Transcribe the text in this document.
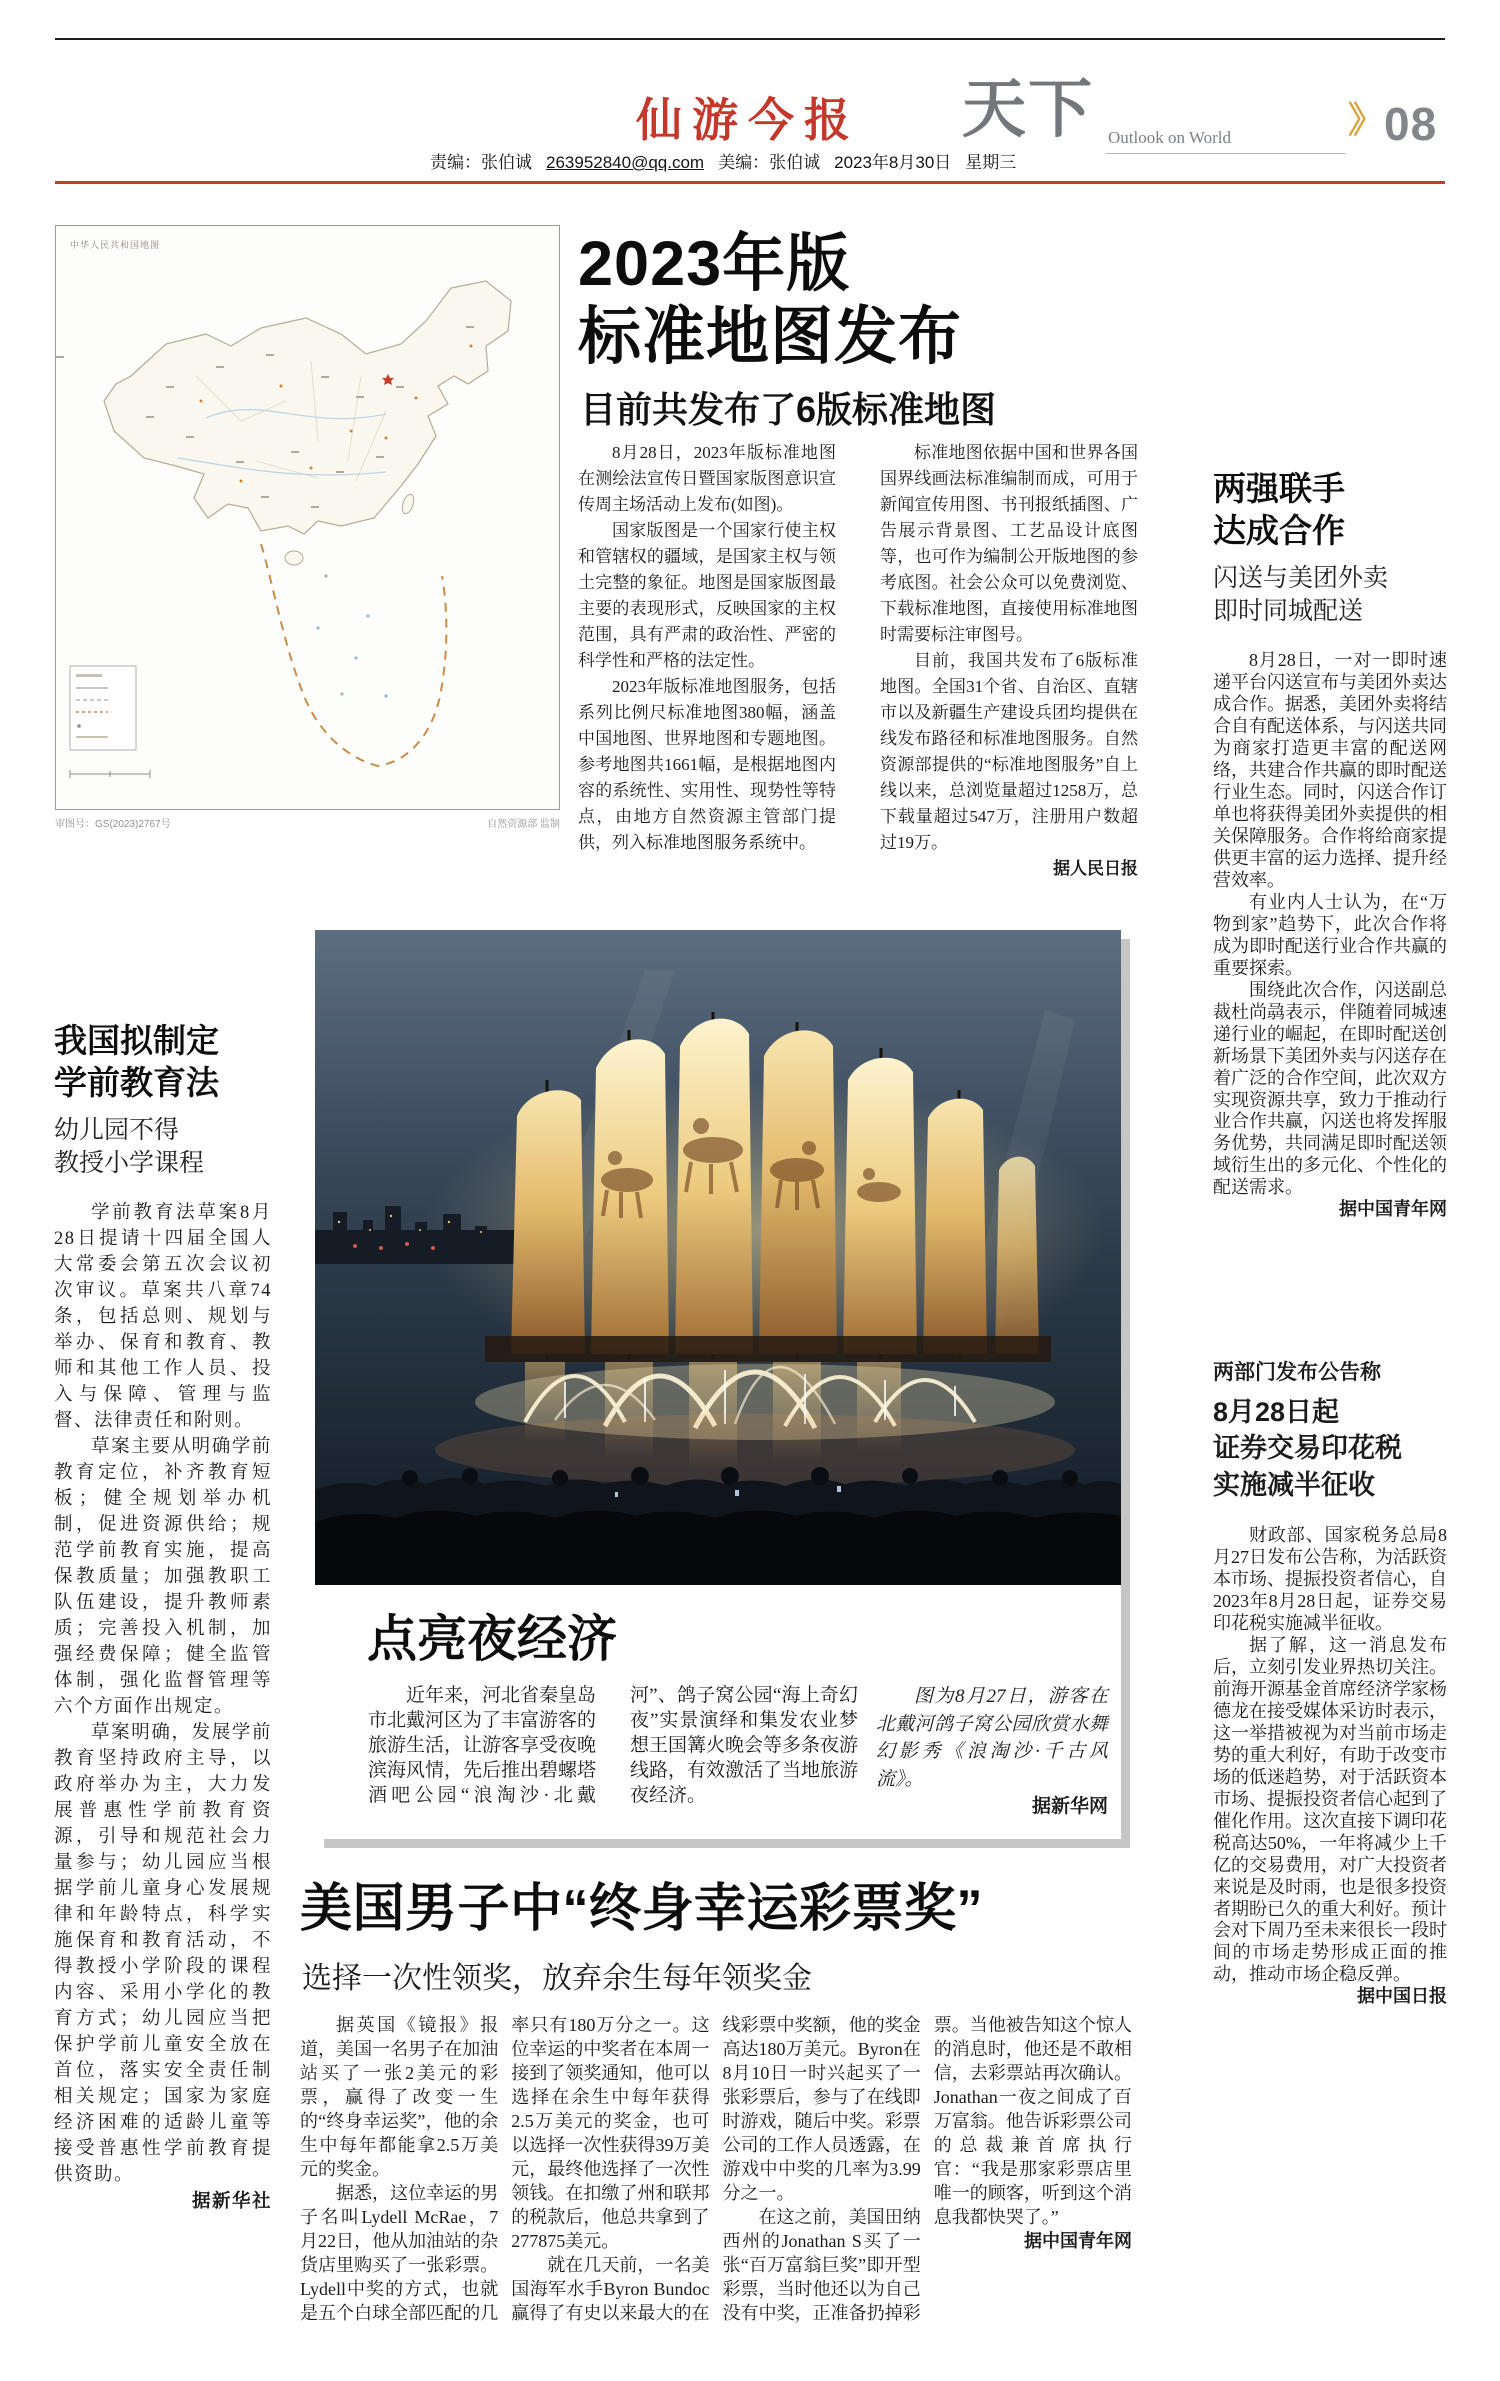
仙游今报 天下 Outlook on World	》08
责编：张伯诚 263952840@qq.com 美编：张伯诚 2023年8月30日 星期三
中华人民共和国地图
审图号：GS(2023)2767号	自然资源部 监制
2023年版
标准地图发布
目前共发布了6版标准地图

8月28日，2023年版标准地图在测绘法宣传日暨国家版图意识宣传周主场活动上发布(如图)。

国家版图是一个国家行使主权和管辖权的疆域，是国家主权与领土完整的象征。地图是国家版图最主要的表现形式，反映国家的主权范围，具有严肃的政治性、严密的科学性和严格的法定性。

2023年版标准地图服务，包括系列比例尺标准地图380幅，涵盖中国地图、世界地图和专题地图。参考地图共1661幅，是根据地图内容的系统性、实用性、现势性等特点，由地方自然资源主管部门提供，列入标准地图服务系统中。

标准地图依据中国和世界各国国界线画法标准编制而成，可用于新闻宣传用图、书刊报纸插图、广告展示背景图、工艺品设计底图等，也可作为编制公开版地图的参考底图。社会公众可以免费浏览、下载标准地图，直接使用标准地图时需要标注审图号。

目前，我国共发布了6版标准地图。全国31个省、自治区、直辖市以及新疆生产建设兵团均提供在线发布路径和标准地图服务。自然资源部提供的“标准地图服务”自上线以来，总浏览量超过1258万，总下载量超过547万，注册用户数超过19万。

据人民日报

两强联手
达成合作
闪送与美团外卖
即时同城配送

8月28日，一对一即时速递平台闪送宣布与美团外卖达成合作。据悉，美团外卖将结合自有配送体系，与闪送共同为商家打造更丰富的配送网络，共建合作共赢的即时配送行业生态。同时，闪送合作订单也将获得美团外卖提供的相关保障服务。合作将给商家提供更丰富的运力选择、提升经营效率。

有业内人士认为，在“万物到家”趋势下，此次合作将成为即时配送行业合作共赢的重要探索。

围绕此次合作，闪送副总裁杜尚骉表示，伴随着同城速递行业的崛起，在即时配送创新场景下美团外卖与闪送存在着广泛的合作空间，此次双方实现资源共享，致力于推动行业合作共赢，闪送也将发挥服务优势，共同满足即时配送领域衍生出的多元化、个性化的配送需求。

据中国青年网

我国拟制定
学前教育法
幼儿园不得
教授小学课程

学前教育法草案8月28日提请十四届全国人大常委会第五次会议初次审议。草案共八章74条，包括总则、规划与举办、保育和教育、教师和其他工作人员、投入与保障、管理与监督、法律责任和附则。

草案主要从明确学前教育定位，补齐教育短板；健全规划举办机制，促进资源供给；规范学前教育实施，提高保教质量；加强教职工队伍建设，提升教师素质；完善投入机制，加强经费保障；健全监管体制，强化监督管理等六个方面作出规定。

草案明确，发展学前教育坚持政府主导，以政府举办为主，大力发展普惠性学前教育资源，引导和规范社会力量参与；幼儿园应当根据学前儿童身心发展规律和年龄特点，科学实施保育和教育活动，不得教授小学阶段的课程内容、采用小学化的教育方式；幼儿园应当把保护学前儿童安全放在首位，落实安全责任制相关规定；国家为家庭经济困难的适龄儿童等接受普惠性学前教育提供资助。

据新华社

点亮夜经济

近年来，河北省秦皇岛市北戴河区为了丰富游客的旅游生活，让游客享受夜晚滨海风情，先后推出碧螺塔酒吧公园“浪淘沙·北戴河”、鸽子窝公园“海上奇幻夜”实景演绎和集发农业梦想王国篝火晚会等多条夜游线路，有效激活了当地旅游夜经济。

图为8月27日，游客在北戴河鸽子窝公园欣赏水舞幻影秀《浪淘沙·千古风流》。

据新华网

美国男子中“终身幸运彩票奖”
选择一次性领奖，放弃余生每年领奖金

据英国《镜报》报道，美国一名男子在加油站买了一张2美元的彩票，赢得了改变一生的“终身幸运奖”，他的余生中每年都能拿2.5万美元的奖金。

据悉，这位幸运的男子名叫Lydell McRae，7月22日，他从加油站的杂货店里购买了一张彩票。Lydell中奖的方式，也就是五个白球全部匹配的几率只有180万分之一。这位幸运的中奖者在本周一接到了领奖通知，他可以选择在余生中每年获得2.5万美元的奖金，也可以选择一次性获得39万美元，最终他选择了一次性领钱。在扣缴了州和联邦的税款后，他总共拿到了277875美元。

就在几天前，一名美国海军水手Byron Bundoc赢得了有史以来最大的在线彩票中奖额，他的奖金高达180万美元。Byron在8月10日一时兴起买了一张彩票后，参与了在线即时游戏，随后中奖。彩票公司的工作人员透露，在游戏中中奖的几率为3.99分之一。

在这之前，美国田纳西州的Jonathan S买了一张“百万富翁巨奖”即开型彩票，当时他还以为自己没有中奖，正准备扔掉彩票。当他被告知这个惊人的消息时，他还是不敢相信，去彩票站再次确认。Jonathan一夜之间成了百万富翁。他告诉彩票公司的总裁兼首席执行官：“我是那家彩票店里唯一的顾客，听到这个消息我都快哭了。”

据中国青年网

两部门发布公告称
8月28日起
证券交易印花税
实施减半征收

财政部、国家税务总局8月27日发布公告称，为活跃资本市场、提振投资者信心，自2023年8月28日起，证券交易印花税实施减半征收。

据了解，这一消息发布后，立刻引发业界热切关注。前海开源基金首席经济学家杨德龙在接受媒体采访时表示，这一举措被视为对当前市场走势的重大利好，有助于改变市场的低迷趋势，对于活跃资本市场、提振投资者信心起到了催化作用。这次直接下调印花税高达50%，一年将减少上千亿的交易费用，对广大投资者来说是及时雨，也是很多投资者期盼已久的重大利好。预计会对下周乃至未来很长一段时间的市场走势形成正面的推动，推动市场企稳反弹。

据中国日报
